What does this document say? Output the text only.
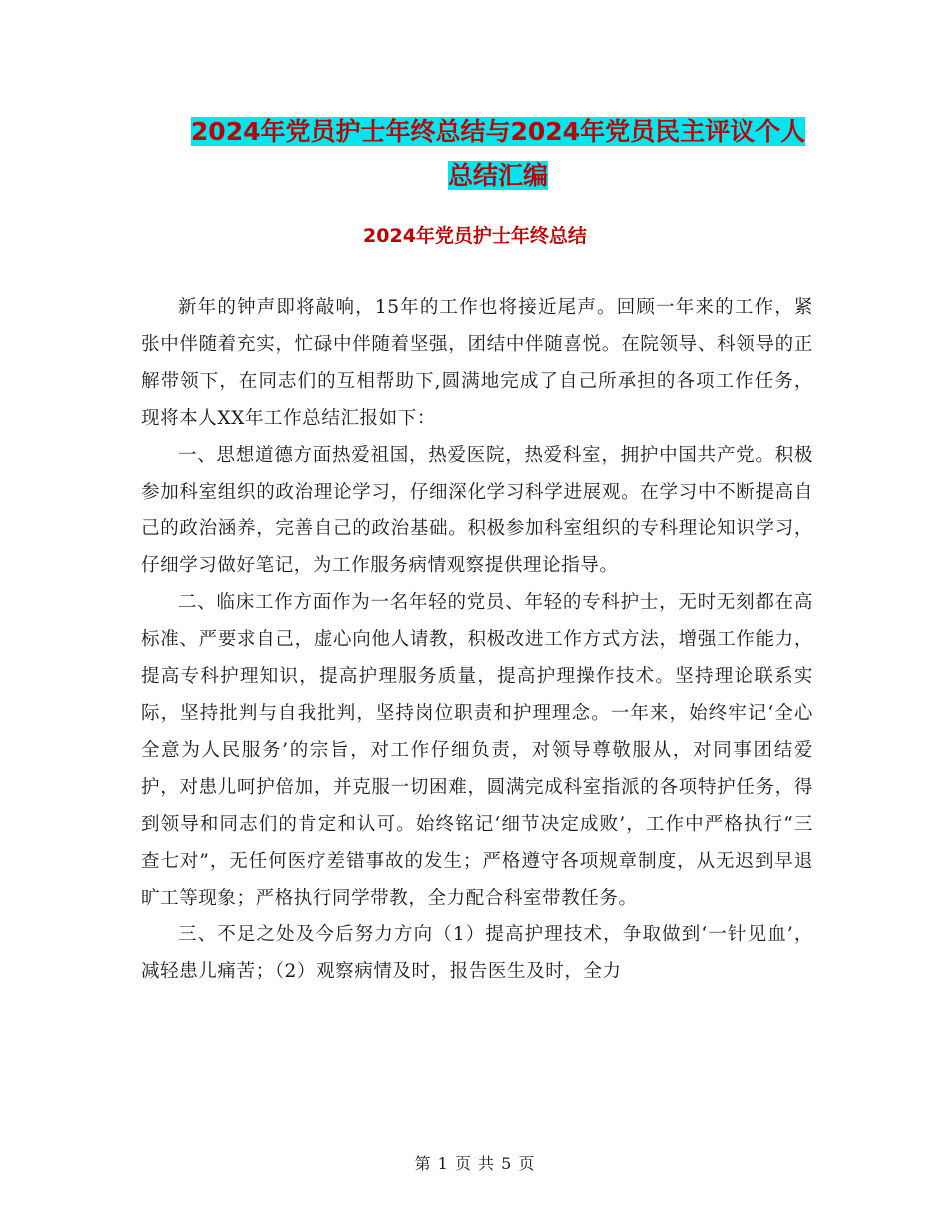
2024年党员护士年终总结与2024年党员民主评议个人
总结汇编
2024年党员护士年终总结

新年的钟声即将敲响，15年的工作也将接近尾声。回顾一年来的工作，紧张中伴随着充实，忙碌中伴随着坚强，团结中伴随喜悦。在院领导、科领导的正解带领下，在同志们的互相帮助下,圆满地完成了自己所承担的各项工作任务，现将本人XX年工作总结汇报如下：

一、思想道德方面热爱祖国，热爱医院，热爱科室，拥护中国共产党。积极参加科室组织的政治理论学习，仔细深化学习科学进展观。在学习中不断提高自己的政治涵养，完善自己的政治基础。积极参加科室组织的专科理论知识学习，仔细学习做好笔记，为工作服务病情观察提供理论指导。

二、临床工作方面作为一名年轻的党员、年轻的专科护士，无时无刻都在高标准、严要求自己，虚心向他人请教，积极改进工作方式方法，增强工作能力，提高专科护理知识，提高护理服务质量，提高护理操作技术。坚持理论联系实际，坚持批判与自我批判，坚持岗位职责和护理理念。一年来，始终牢记‘全心全意为人民服务’的宗旨，对工作仔细负责，对领导尊敬服从，对同事团结爱护，对患儿呵护倍加，并克服一切困难，圆满完成科室指派的各项特护任务，得到领导和同志们的肯定和认可。始终铭记‘细节决定成败’，工作中严格执行“三查七对”，无任何医疗差错事故的发生；严格遵守各项规章制度，从无迟到早退旷工等现象；严格执行同学带教，全力配合科室带教任务。

三、不足之处及今后努力方向（1）提高护理技术，争取做到‘一针见血’，减轻患儿痛苦；（2）观察病情及时，报告医生及时，全力

第 1 页 共 5 页
